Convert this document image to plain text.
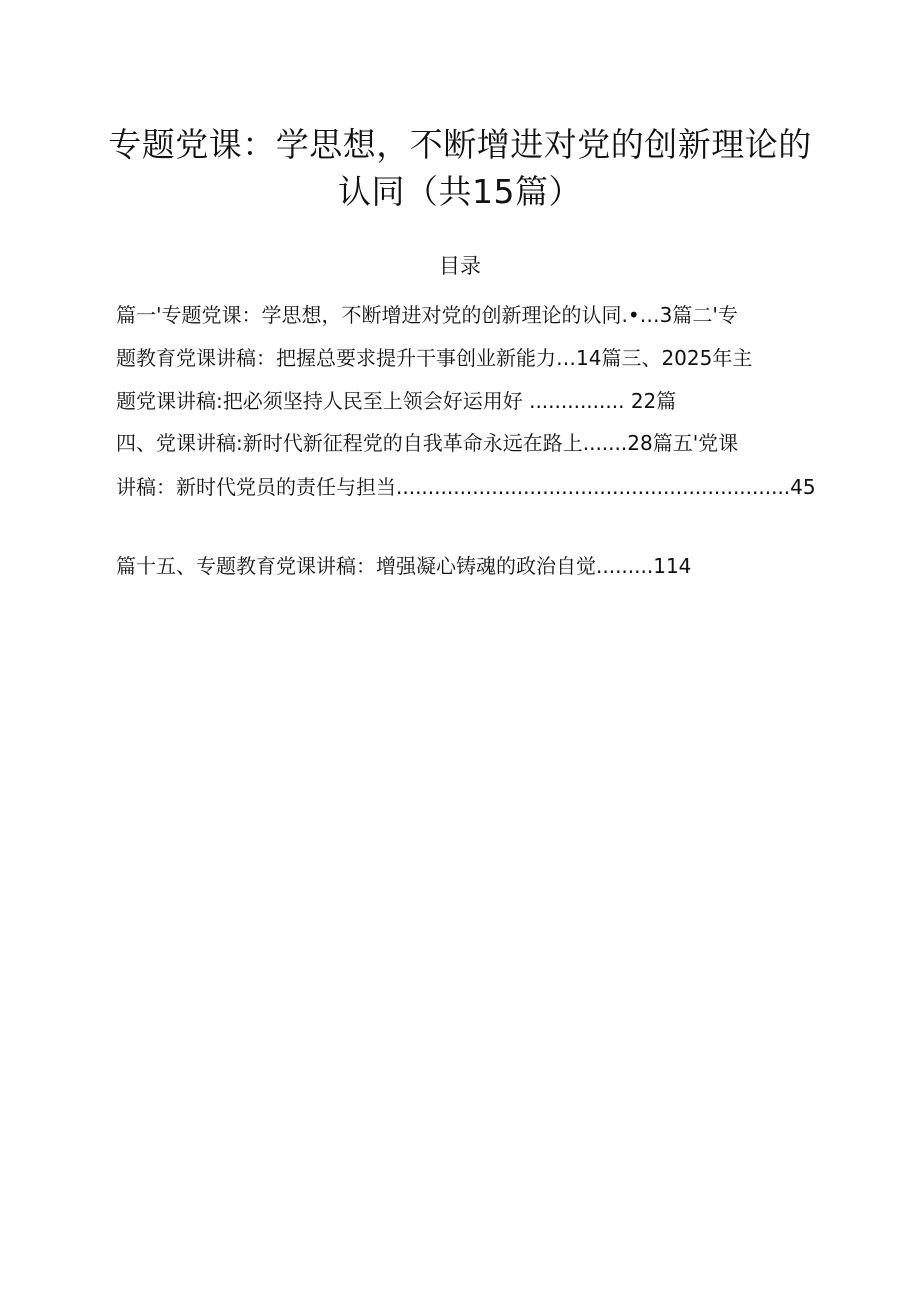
专题党课：学思想，不断增进对党的创新理论的
认同（共15篇）
目录
篇一'专题党课：学思想，不断增进对党的创新理论的认同.•…3篇二'专
题教育党课讲稿：把握总要求提升干事创业新能力…14篇三、2025年主
题党课讲稿:把必须坚持人民至上领会好运用好 ............... 22篇
四、党课讲稿:新时代新征程党的自我革命永远在路上.......28篇五'党课
讲稿：新时代党员的责任与担当..............................................................45
篇十五、专题教育党课讲稿：增强凝心铸魂的政治自觉.........114
